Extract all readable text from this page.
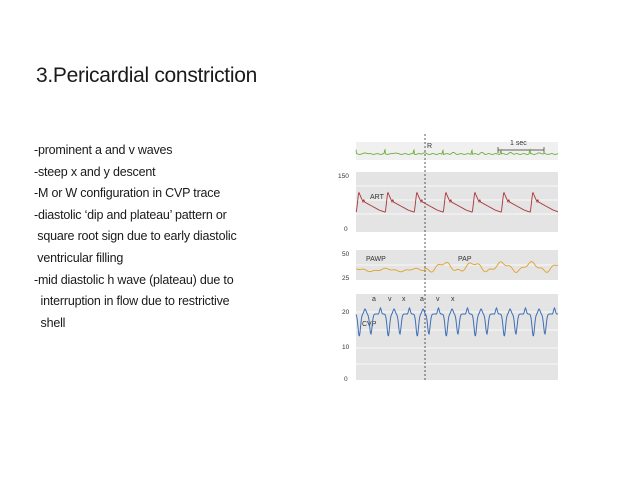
3.Pericardial constriction
-prominent a and v waves
-steep x and y descent
-M or W configuration in CVP trace
-diastolic ‘dip and plateau’ pattern or
square root sign due to early diastolic
ventricular filling
-mid diastolic h wave (plateau) due to
interruption in flow due to restrictive
shell
1 sec
R
150
0
50
25
20
10
0
ART
PAWP	PAP
CVP
a v x a v x
